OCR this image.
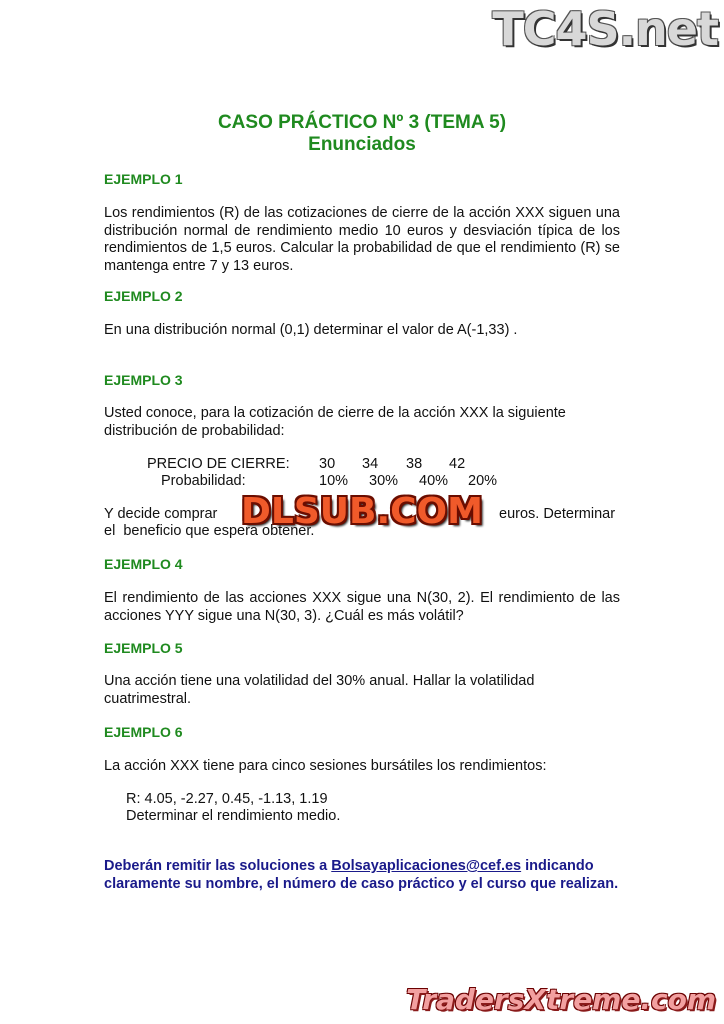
TC4S.net
CASO PRÁCTICO Nº 3 (TEMA 5)
Enunciados
EJEMPLO 1
Los rendimientos (R) de las cotizaciones de cierre de la acción XXX siguen una distribución normal de rendimiento medio 10 euros y desviación típica de los rendimientos de 1,5 euros. Calcular la probabilidad de que el rendimiento (R) se mantenga entre 7 y 13 euros.
EJEMPLO 2
En una distribución normal (0,1) determinar el valor de A(-1,33) .
EJEMPLO 3
Usted conoce, para la cotización de cierre de la acción XXX la siguiente distribución de probabilidad:
PRECIO DE CIERRE: 30 34 38 42
Probabilidad:	10% 30% 40% 20%
Y decide comprar	euros. Determinar
el  beneficio que espera obtener.
DLSUB.COM
EJEMPLO 4
El rendimiento de las acciones XXX sigue una N(30, 2). El rendimiento de las acciones YYY sigue una N(30, 3). ¿Cuál es más volátil?
EJEMPLO 5
Una acción tiene una volatilidad del 30% anual. Hallar la volatilidad cuatrimestral.
EJEMPLO 6
La acción XXX tiene para cinco sesiones bursátiles los rendimientos:
R: 4.05, -2.27, 0.45, -1.13, 1.19
Determinar el rendimiento medio.
Deberán remitir las soluciones a Bolsayaplicaciones@cef.es indicando claramente su nombre, el número de caso práctico y el curso que realizan.
TradersXtreme.com
